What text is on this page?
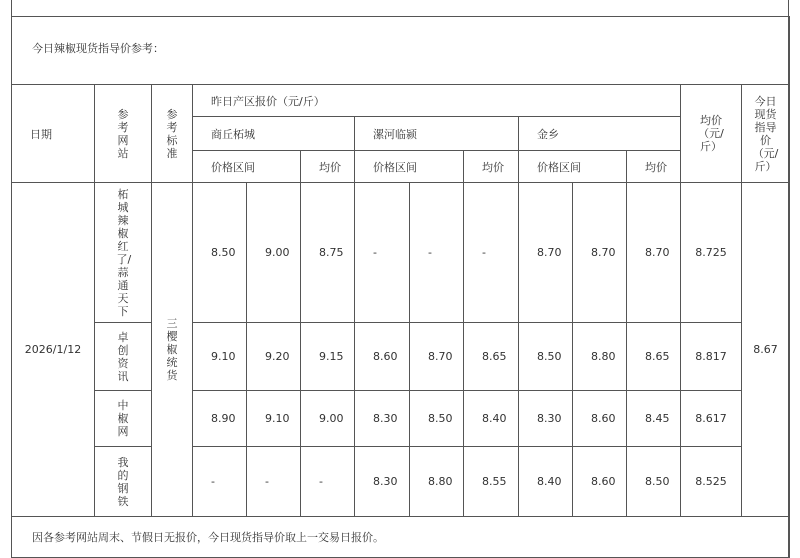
今日辣椒现货指导价参考：													
日期	参考网站	参考标准	昨日产区报价（元/斤）									均价（元/斤）	今日现货指导价（元/斤）

			商丘柘城			漯河临颍			金乡				
			价格区间		均价	价格区间		均价	价格区间		均价		
2026/1/12	柘城辣椒红了/蒜通天下	三樱椒统货	8.50	9.00	8.75	-	-	-	8.70	8.70	8.70	8.725	8.67
	卓创资讯		9.10	9.20	9.15	8.60	8.70	8.65	8.50	8.80	8.65	8.817	
	中椒网		8.90	9.10	9.00	8.30	8.50	8.40	8.30	8.60	8.45	8.617	
	我的钢铁		-	-	-	8.30	8.80	8.55	8.40	8.60	8.50	8.525	
因各参考网站周末、节假日无报价，今日现货指导价取上一交易日报价。													
